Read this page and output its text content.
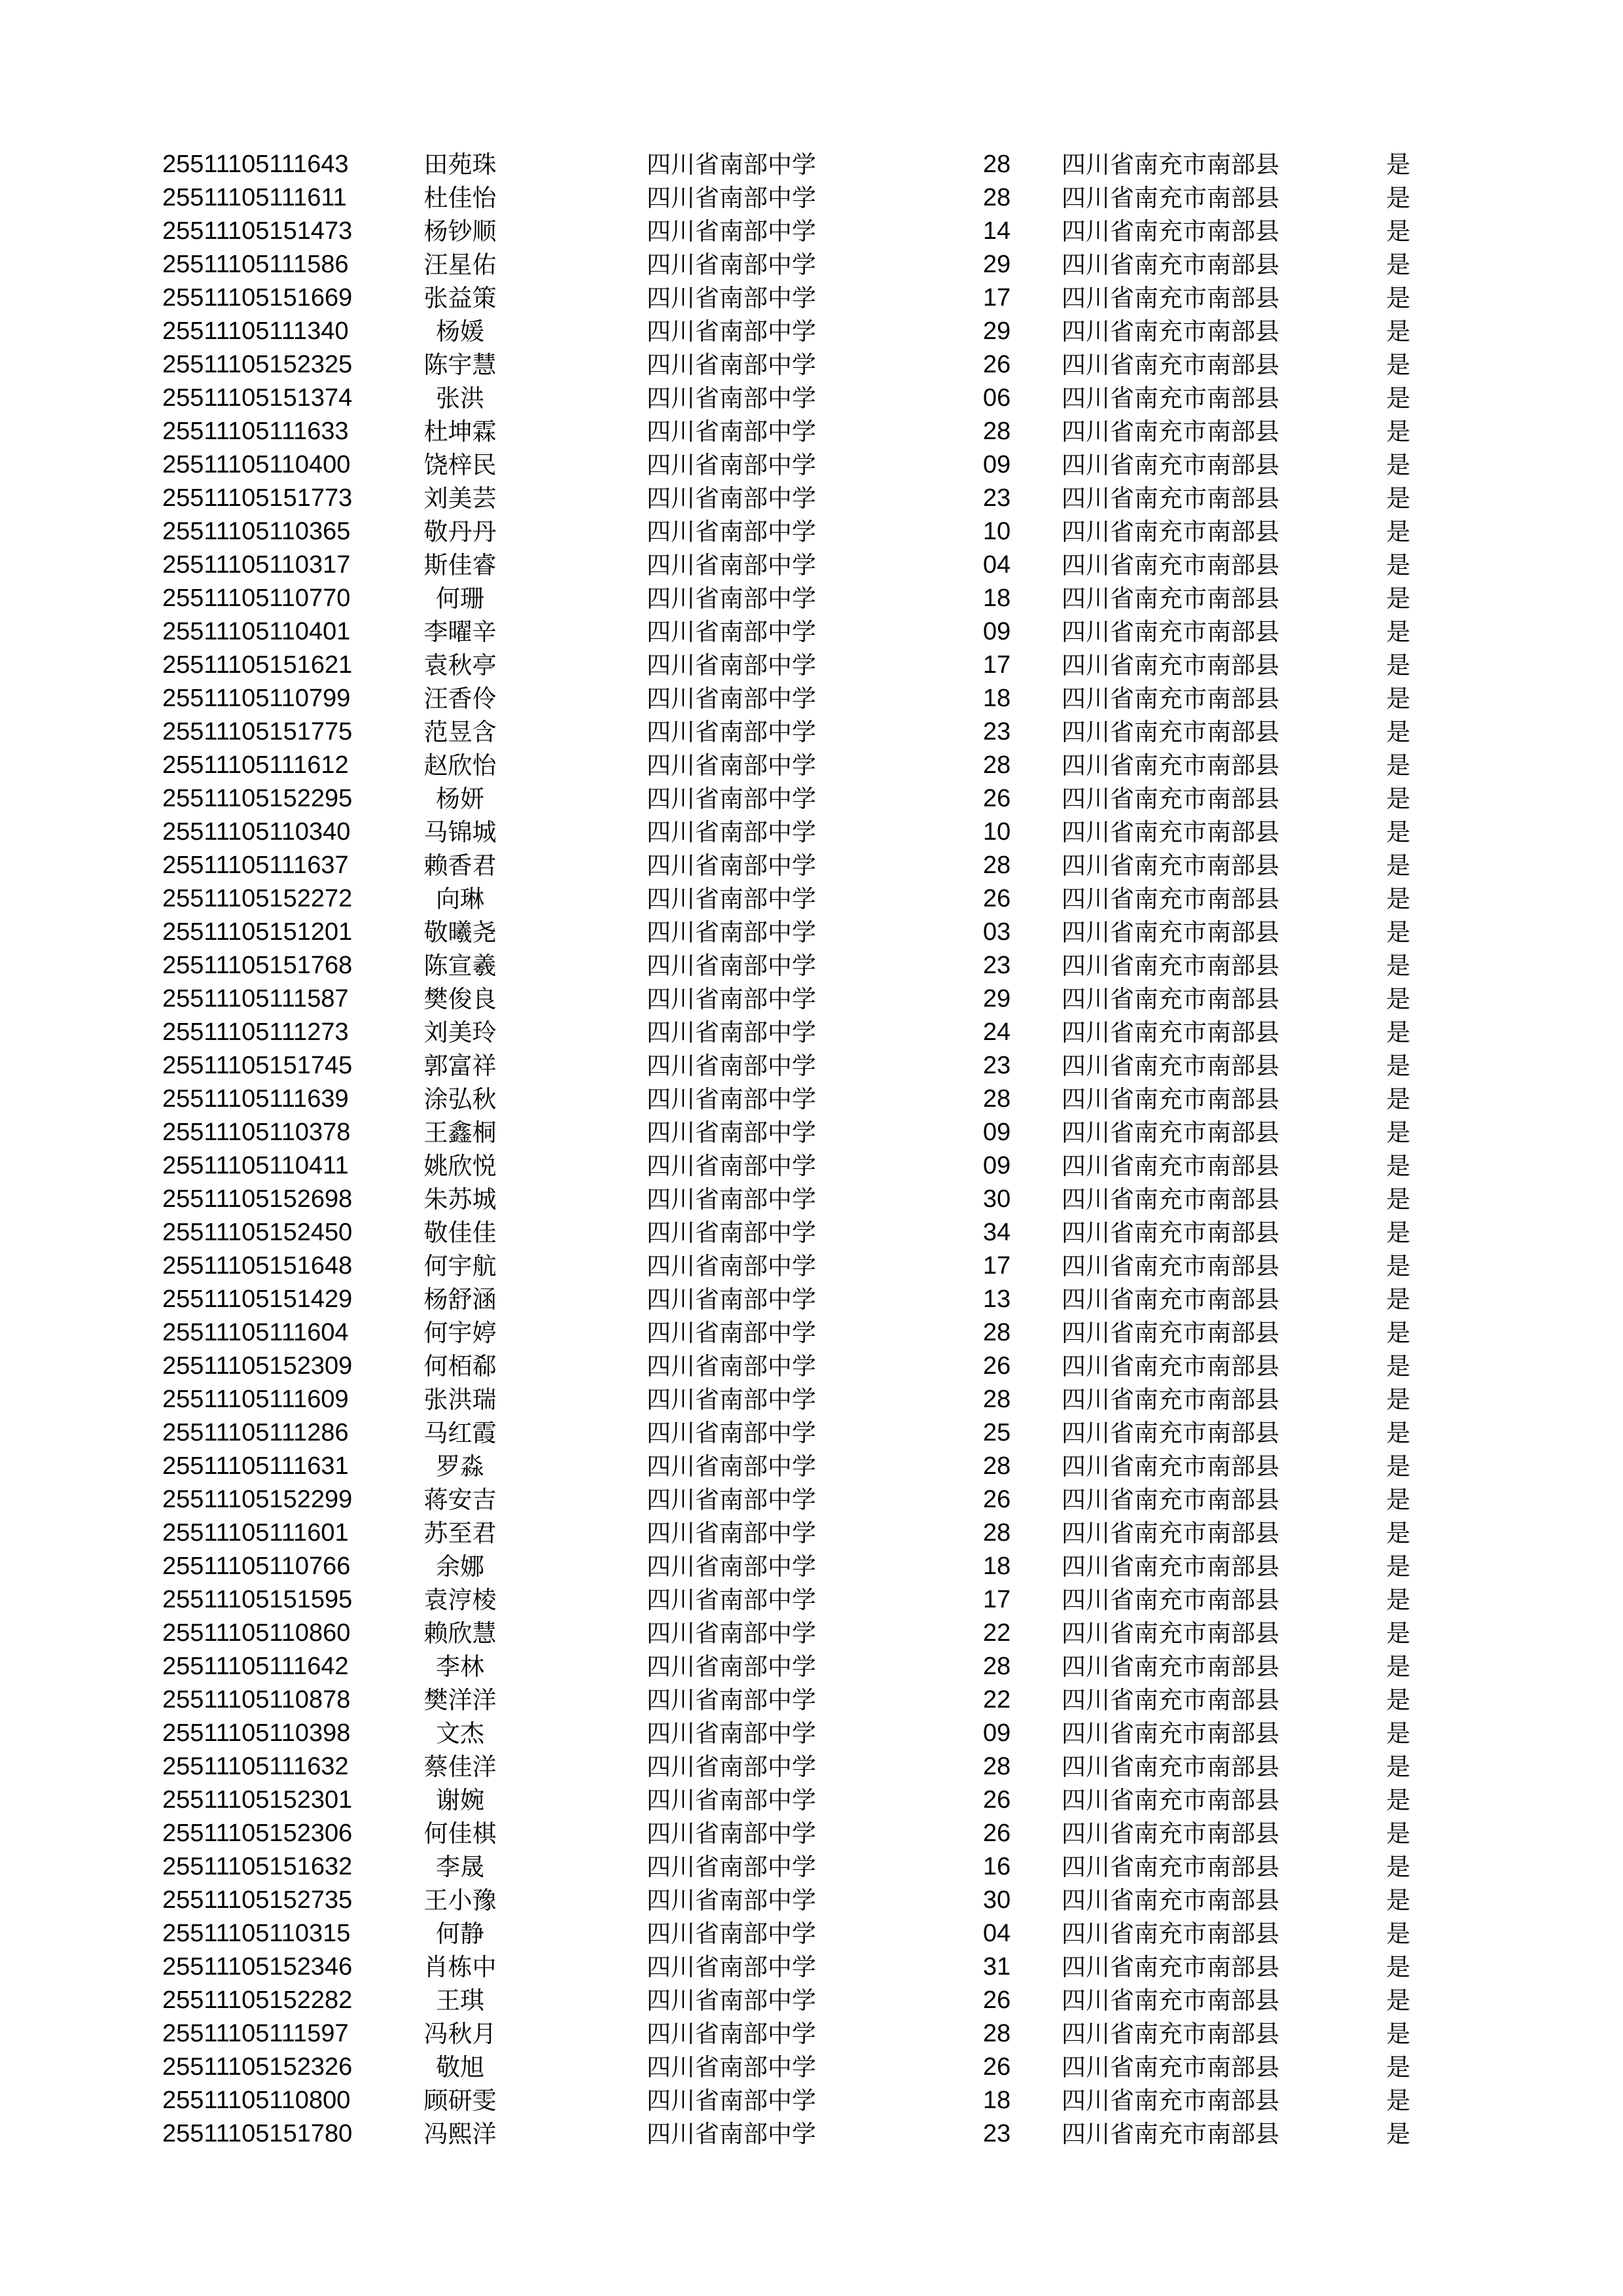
25511105111643	田苑珠	四川省南部中学	28	四川省南充市南部县	是
25511105111611	杜佳怡	四川省南部中学	28	四川省南充市南部县	是
25511105151473	杨钞顺	四川省南部中学	14	四川省南充市南部县	是
25511105111586	汪星佑	四川省南部中学	29	四川省南充市南部县	是
25511105151669	张益策	四川省南部中学	17	四川省南充市南部县	是
25511105111340	杨媛	四川省南部中学	29	四川省南充市南部县	是
25511105152325	陈宇慧	四川省南部中学	26	四川省南充市南部县	是
25511105151374	张洪	四川省南部中学	06	四川省南充市南部县	是
25511105111633	杜坤霖	四川省南部中学	28	四川省南充市南部县	是
25511105110400	饶梓民	四川省南部中学	09	四川省南充市南部县	是
25511105151773	刘美芸	四川省南部中学	23	四川省南充市南部县	是
25511105110365	敬丹丹	四川省南部中学	10	四川省南充市南部县	是
25511105110317	斯佳睿	四川省南部中学	04	四川省南充市南部县	是
25511105110770	何珊	四川省南部中学	18	四川省南充市南部县	是
25511105110401	李曜辛	四川省南部中学	09	四川省南充市南部县	是
25511105151621	袁秋亭	四川省南部中学	17	四川省南充市南部县	是
25511105110799	汪香伶	四川省南部中学	18	四川省南充市南部县	是
25511105151775	范昱含	四川省南部中学	23	四川省南充市南部县	是
25511105111612	赵欣怡	四川省南部中学	28	四川省南充市南部县	是
25511105152295	杨妍	四川省南部中学	26	四川省南充市南部县	是
25511105110340	马锦城	四川省南部中学	10	四川省南充市南部县	是
25511105111637	赖香君	四川省南部中学	28	四川省南充市南部县	是
25511105152272	向琳	四川省南部中学	26	四川省南充市南部县	是
25511105151201	敬曦尧	四川省南部中学	03	四川省南充市南部县	是
25511105151768	陈宣羲	四川省南部中学	23	四川省南充市南部县	是
25511105111587	樊俊良	四川省南部中学	29	四川省南充市南部县	是
25511105111273	刘美玲	四川省南部中学	24	四川省南充市南部县	是
25511105151745	郭富祥	四川省南部中学	23	四川省南充市南部县	是
25511105111639	涂弘秋	四川省南部中学	28	四川省南充市南部县	是
25511105110378	王鑫桐	四川省南部中学	09	四川省南充市南部县	是
25511105110411	姚欣悦	四川省南部中学	09	四川省南充市南部县	是
25511105152698	朱苏城	四川省南部中学	30	四川省南充市南部县	是
25511105152450	敬佳佳	四川省南部中学	34	四川省南充市南部县	是
25511105151648	何宇航	四川省南部中学	17	四川省南充市南部县	是
25511105151429	杨舒涵	四川省南部中学	13	四川省南充市南部县	是
25511105111604	何宇婷	四川省南部中学	28	四川省南充市南部县	是
25511105152309	何栢郗	四川省南部中学	26	四川省南充市南部县	是
25511105111609	张洪瑞	四川省南部中学	28	四川省南充市南部县	是
25511105111286	马红霞	四川省南部中学	25	四川省南充市南部县	是
25511105111631	罗淼	四川省南部中学	28	四川省南充市南部县	是
25511105152299	蒋安吉	四川省南部中学	26	四川省南充市南部县	是
25511105111601	苏至君	四川省南部中学	28	四川省南充市南部县	是
25511105110766	余娜	四川省南部中学	18	四川省南充市南部县	是
25511105151595	袁涥棱	四川省南部中学	17	四川省南充市南部县	是
25511105110860	赖欣慧	四川省南部中学	22	四川省南充市南部县	是
25511105111642	李林	四川省南部中学	28	四川省南充市南部县	是
25511105110878	樊洋洋	四川省南部中学	22	四川省南充市南部县	是
25511105110398	文杰	四川省南部中学	09	四川省南充市南部县	是
25511105111632	蔡佳洋	四川省南部中学	28	四川省南充市南部县	是
25511105152301	谢婉	四川省南部中学	26	四川省南充市南部县	是
25511105152306	何佳棋	四川省南部中学	26	四川省南充市南部县	是
25511105151632	李晟	四川省南部中学	16	四川省南充市南部县	是
25511105152735	王小豫	四川省南部中学	30	四川省南充市南部县	是
25511105110315	何静	四川省南部中学	04	四川省南充市南部县	是
25511105152346	肖栋中	四川省南部中学	31	四川省南充市南部县	是
25511105152282	王琪	四川省南部中学	26	四川省南充市南部县	是
25511105111597	冯秋月	四川省南部中学	28	四川省南充市南部县	是
25511105152326	敬旭	四川省南部中学	26	四川省南充市南部县	是
25511105110800	顾研雯	四川省南部中学	18	四川省南充市南部县	是
25511105151780	冯熙洋	四川省南部中学	23	四川省南充市南部县	是
